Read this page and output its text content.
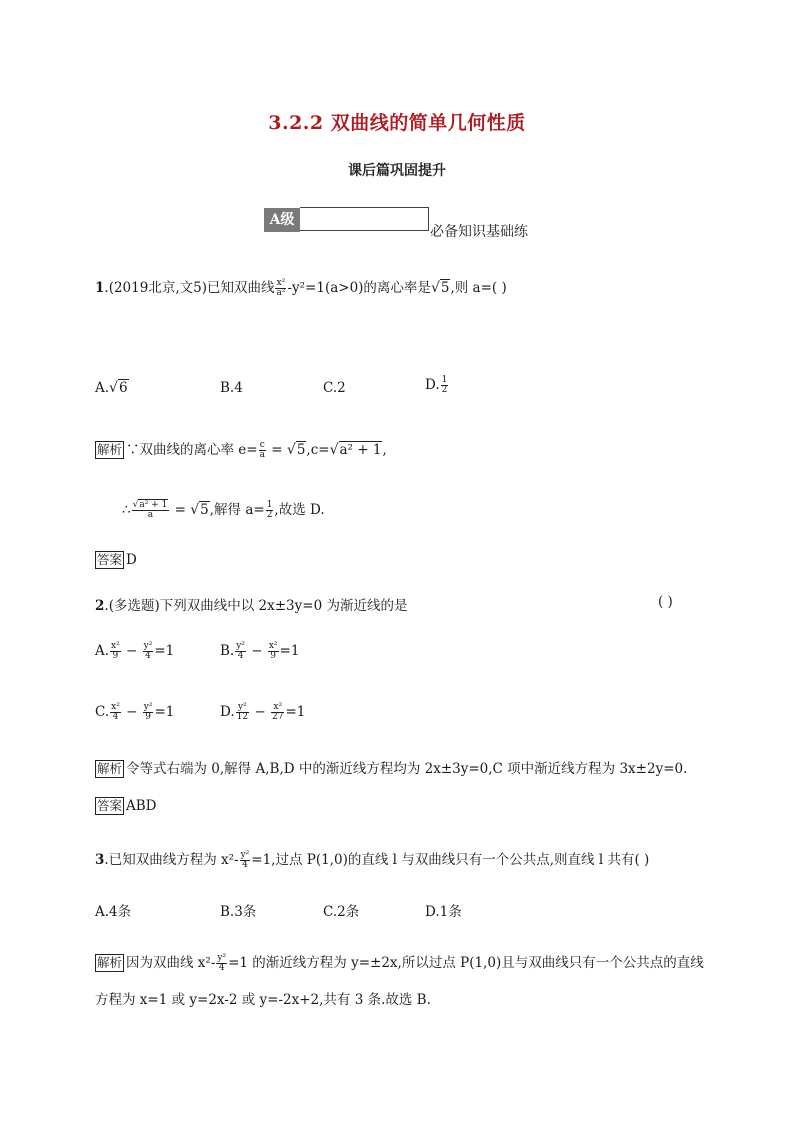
3.2.2 双曲线的简单几何性质
课后篇巩固提升
A级
必备知识基础练
1.(2019北京,文5)已知双曲线 $\frac{\text{x²}}{\text{a²}} -y^2=1(a>0)$的离心率是√5,则 a=( )
A.√6	B.4	C.2	D. $\frac{1}{2}$
解析 ∵双曲线的离心率 $e= \frac{c}{a} = √5,c=√a^2 + 1$,
∴ $\frac{\text{√a² + 1}}{a} = √5$,解得 $a= \frac{1}{2}$ ,故选 D.
答案 D
2.(多选题)下列双曲线中以 2x±3y=0 为渐近线的是	( )
A. $\frac{\text{x²}}{9} - \frac{\text{y²}}{4} =1$	B. $\frac{\text{y²}}{4} - \frac{\text{x²}}{9} =1$
C. $\frac{\text{x²}}{4} - \frac{\text{y²}}{9} =1$	D. $\frac{\text{y²}}{12} - \frac{\text{x²}}{27} =1$
解析 令等式右端为 0,解得 A,B,D 中的渐近线方程均为 2x±3y=0,C 项中渐近线方程为 3x±2y=0.
答案 ABD
3.已知双曲线方程为 $x^2- \frac{\text{y²}}{4} =1$,过点 P(1,0)的直线 l 与双曲线只有一个公共点,则直线 l 共有( )
A.4条	B.3条	C.2条	D.1条
解析 因为双曲线 $x^2- \frac{\text{y²}}{4} =1$ 的渐近线方程为 y=±2x,所以过点 P(1,0)且与双曲线只有一个公共点的直线
方程为 x=1 或 y=2x-2 或 y=-2x+2,共有 3 条.故选 B.
